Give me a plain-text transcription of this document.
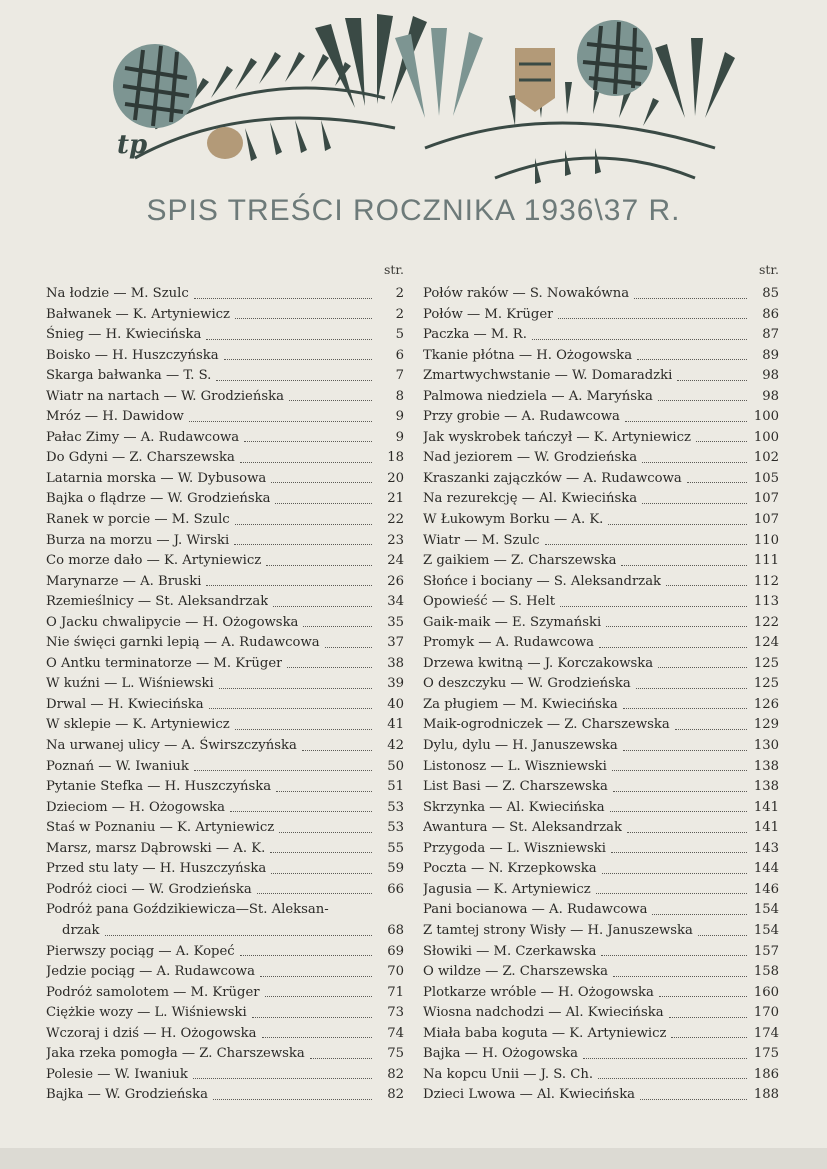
tp
SPIS TREŚCI ROCZNIKA 1936\37 R.
str.
Na łodzie — M. Szulc	2
Bałwanek — K. Artyniewicz	2
Śnieg — H. Kwiecińska	5
Boisko — H. Huszczyńska	6
Skarga bałwanka — T. S.	7
Wiatr na nartach — W. Grodzieńska	8
Mróz — H. Dawidow	9
Pałac Zimy — A. Rudawcowa	9
Do Gdyni — Z. Charszewska	18
Latarnia morska — W. Dybusowa	20
Bajka o flądrze — W. Grodzieńska	21
Ranek w porcie — M. Szulc	22
Burza na morzu — J. Wirski	23
Co morze dało — K. Artyniewicz	24
Marynarze — A. Bruski	26
Rzemieślnicy — St. Aleksandrzak	34
O Jacku chwalipycie — H. Ożogowska	35
Nie święci garnki lepią — A. Rudawcowa	37
O Antku terminatorze — M. Krüger	38
W kuźni — L. Wiśniewski	39
Drwal — H. Kwiecińska	40
W sklepie — K. Artyniewicz	41
Na urwanej ulicy — A. Świrszczyńska	42
Poznań — W. Iwaniuk	50
Pytanie Stefka — H. Huszczyńska	51
Dzieciom — H. Ożogowska	53
Staś w Poznaniu — K. Artyniewicz	53
Marsz, marsz Dąbrowski — A. K.	55
Przed stu laty — H. Huszczyńska	59
Podróż cioci — W. Grodzieńska	66
Podróż pana Goździkiewicza—St. Aleksan-
drzak	68
Pierwszy pociąg — A. Kopeć	69
Jedzie pociąg — A. Rudawcowa	70
Podróż samolotem — M. Krüger	71
Ciężkie wozy — L. Wiśniewski	73
Wczoraj i dziś — H. Ożogowska	74
Jaka rzeka pomogła — Z. Charszewska	75
Polesie — W. Iwaniuk	82
Bajka — W. Grodzieńska	82
str.
Połów raków — S. Nowakówna	85
Połów — M. Krüger	86
Paczka — M. R.	87
Tkanie płótna — H. Ożogowska	89
Zmartwychwstanie — W. Domaradzki	98
Palmowa niedziela — A. Maryńska	98
Przy grobie — A. Rudawcowa	100
Jak wyskrobek tańczył — K. Artyniewicz	100
Nad jeziorem — W. Grodzieńska	102
Kraszanki zajączków — A. Rudawcowa	105
Na rezurekcję — Al. Kwiecińska	107
W Łukowym Borku — A. K.	107
Wiatr — M. Szulc	110
Z gaikiem — Z. Charszewska	111
Słońce i bociany — S. Aleksandrzak	112
Opowieść — S. Helt	113
Gaik-maik — E. Szymański	122
Promyk — A. Rudawcowa	124
Drzewa kwitną — J. Korczakowska	125
O deszczyku — W. Grodzieńska	125
Za pługiem — M. Kwiecińska	126
Maik-ogrodniczek — Z. Charszewska	129
Dylu, dylu — H. Januszewska	130
Listonosz — L. Wiszniewski	138
List Basi — Z. Charszewska	138
Skrzynka — Al. Kwiecińska	141
Awantura — St. Aleksandrzak	141
Przygoda — L. Wiszniewski	143
Poczta — N. Krzepkowska	144
Jagusia — K. Artyniewicz	146
Pani bocianowa — A. Rudawcowa	154
Z tamtej strony Wisły — H. Januszewska	154
Słowiki — M. Czerkawska	157
O wildze — Z. Charszewska	158
Plotkarze wróble — H. Ożogowska	160
Wiosna nadchodzi — Al. Kwiecińska	170
Miała baba koguta — K. Artyniewicz	174
Bajka — H. Ożogowska	175
Na kopcu Unii — J. S. Ch.	186
Dzieci Lwowa — Al. Kwiecińska	188
